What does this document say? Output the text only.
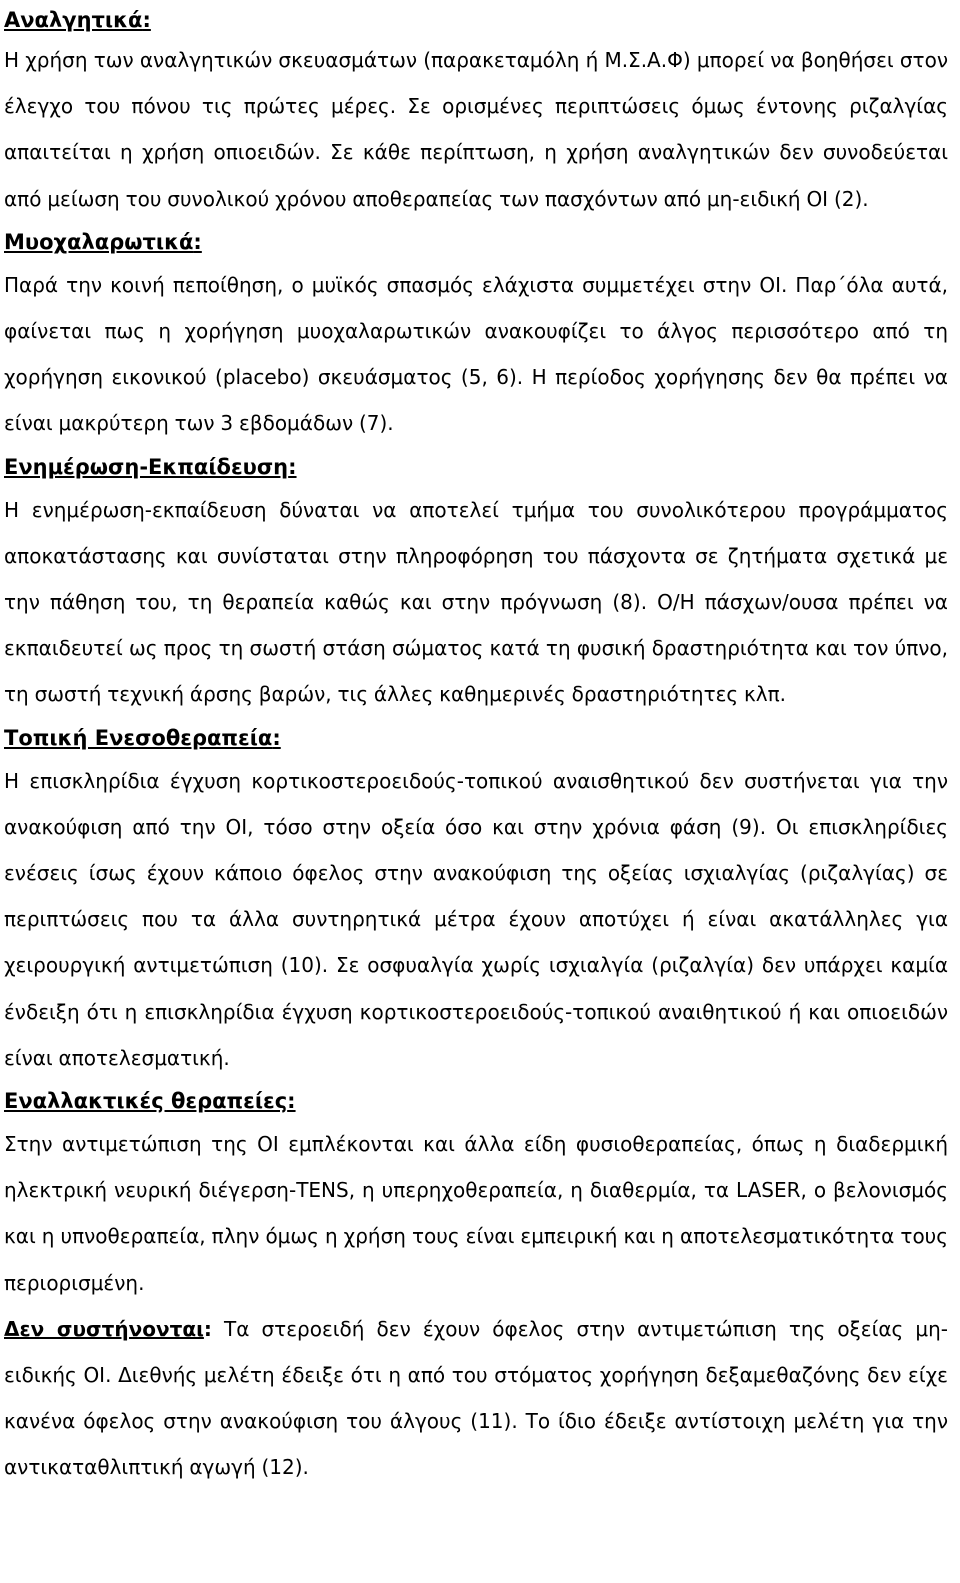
Αναλγητικά:

Η χρήση των αναλγητικών σκευασμάτων (παρακεταμόλη ή Μ.Σ.Α.Φ) μπορεί να βοηθήσει στον έλεγχο του πόνου τις πρώτες μέρες. Σε ορισμένες περιπτώσεις όμως έντονης ριζαλγίας απαιτείται η χρήση οπιοειδών. Σε κάθε περίπτωση, η χρήση αναλγητικών δεν συνοδεύεται από μείωση του συνολικού χρόνου αποθεραπείας των πασχόντων από μη-ειδική ΟΙ (2).

Μυοχαλαρωτικά:

Παρά την κοινή πεποίθηση, ο μυϊκός σπασμός ελάχιστα συμμετέχει στην ΟΙ. Παρ΄όλα αυτά, φαίνεται πως η χορήγηση μυοχαλαρωτικών ανακουφίζει το άλγος περισσότερο από τη χορήγηση εικονικού (placebo) σκευάσματος (5, 6). Η περίοδος χορήγησης δεν θα πρέπει να είναι μακρύτερη των 3 εβδομάδων (7).

Ενημέρωση-Εκπαίδευση:

Η ενημέρωση-εκπαίδευση δύναται να αποτελεί τμήμα του συνολικότερου προγράμματος αποκατάστασης και συνίσταται στην πληροφόρηση του πάσχοντα σε ζητήματα σχετικά με την πάθηση του, τη θεραπεία καθώς και στην πρόγνωση (8). Ο/Η πάσχων/ουσα πρέπει να εκπαιδευτεί ως προς τη σωστή στάση σώματος κατά τη φυσική δραστηριότητα και τον ύπνο, τη σωστή τεχνική άρσης βαρών, τις άλλες καθημερινές δραστηριότητες κλπ.

Τοπική Ενεσοθεραπεία:

Η επισκληρίδια έγχυση κορτικοστεροειδούς-τοπικού αναισθητικού δεν συστήνεται για την ανακούφιση από την ΟΙ, τόσο στην οξεία όσο και στην χρόνια φάση (9). Οι επισκληρίδιες ενέσεις ίσως έχουν κάποιο όφελος στην ανακούφιση της οξείας ισχιαλγίας (ριζαλγίας) σε περιπτώσεις που τα άλλα συντηρητικά μέτρα έχουν αποτύχει ή είναι ακατάλληλες για χειρουργική αντιμετώπιση (10). Σε οσφυαλγία χωρίς ισχιαλγία (ριζαλγία) δεν υπάρχει καμία ένδειξη ότι η επισκληρίδια έγχυση κορτικοστεροειδούς-τοπικού αναιθητικού ή και οπιοειδών είναι αποτελεσματική.

Εναλλακτικές θεραπείες:

Στην αντιμετώπιση της ΟΙ εμπλέκονται και άλλα είδη φυσιοθεραπείας, όπως η διαδερμική ηλεκτρική νευρική διέγερση-TENS, η υπερηχοθεραπεία, η διαθερμία, τα LASER, ο βελονισμός και η υπνοθεραπεία, πλην όμως η χρήση τους είναι εμπειρική και η αποτελεσματικότητα τους περιορισμένη.

Δεν συστήνονται: Τα στεροειδή δεν έχουν όφελος στην αντιμετώπιση της οξείας μη-ειδικής ΟΙ. Διεθνής μελέτη έδειξε ότι η από του στόματος χορήγηση δεξαμεθαζόνης δεν είχε κανένα όφελος στην ανακούφιση του άλγους (11). Το ίδιο έδειξε αντίστοιχη μελέτη για την αντικαταθλιπτική αγωγή (12).
